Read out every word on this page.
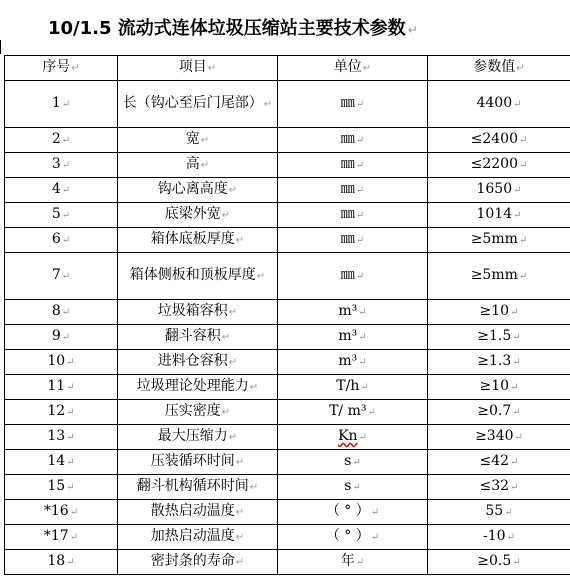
10/1.5 流动式连体垃圾压缩站主要技术参数 ↵
序号↵	项目↵	单位↵	参数值↵
1↵	长（钩心至后门尾部）↵	㎜↵	4400↵
2↵	宽↵	㎜↵	≤2400↵
3↵	高↵	㎜↵	≤2200↵
4↵	钩心离高度↵	㎜↵	1650↵
5↵	底梁外宽↵	㎜↵	1014↵
6↵	箱体底板厚度↵	㎜↵	≥5mm↵
7↵	箱体侧板和顶板厚度↵	㎜↵	≥5mm↵
8↵	垃圾箱容积↵	m³↵	≥10↵
9↵	翻斗容积↵	m³↵	≥1.5↵
10↵	进料仓容积↵	m³↵	≥1.3↵
11↵	垃圾理论处理能力↵	T/h↵	≥10↵
12↵	压实密度↵	T/ m³↵	≥0.7↵
13↵	最大压缩力↵	Kn↵	≥340↵
14↵	压装循环时间↵	s↵	≤42↵
15↵	翻斗机构循环时间↵	s↵	≤32↵
*16↵	散热启动温度↵	（ ° ）↵	55↵
*17↵	加热启动温度↵	（ ° ）↵	-10↵
18↵	密封条的寿命↵	年↵	≥0.5↵
